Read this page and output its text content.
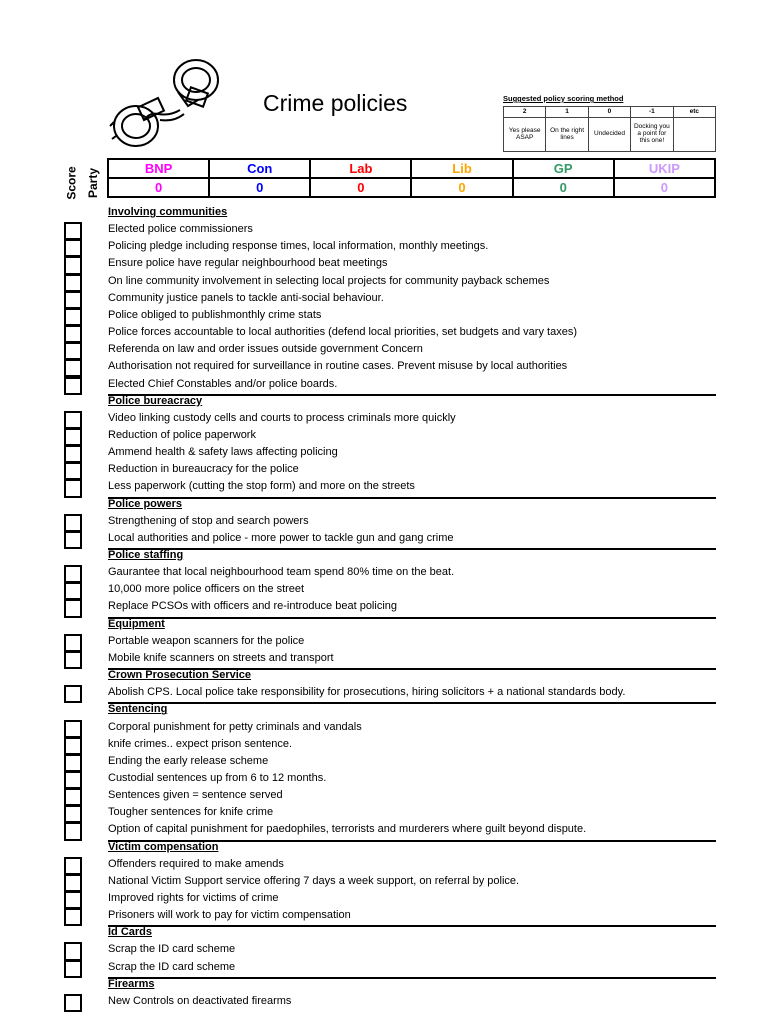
Crime policies	Suggested policy scoring method
2	1	0	-1	etc
Yes please ASAP	On the right lines	Undecided	Docking you a point for this one!	
Score Party	BNP	Con	Lab	Lib	GP	UKIP
0	0	0	0	0	0
Involving communities
Elected police commissioners
Policing pledge including response times, local information, monthly meetings.
Ensure police have regular neighbourhood beat meetings
On line community involvement in selecting local projects for community payback schemes
Community justice panels to tackle anti-social behaviour.
Police obliged to publishmonthly crime stats
Police forces accountable to local authorities (defend local priorities, set budgets and vary taxes)
Referenda on law and order issues outside government Concern
Authorisation not required for surveillance in routine cases. Prevent misuse by local authorities
Elected Chief Constables and/or police boards.
Police bureacracy
Video linking custody cells and courts to process criminals more quickly
Reduction of police paperwork
Ammend health & safety laws affecting policing
Reduction in bureaucracy for the police
Less paperwork (cutting the stop form) and more on the streets
Police powers
Strengthening of stop and search powers
Local authorities and police - more power to tackle gun and gang crime
Police staffing
Gaurantee that local neighbourhood team spend 80% time on the beat.
10,000 more police officers on the street
Replace PCSOs with officers and re-introduce beat policing
Equipment
Portable weapon scanners for the police
Mobile knife scanners on streets and transport
Crown Prosecution Service
Abolish CPS. Local police take responsibility for prosecutions, hiring solicitors + a national standards body.
Sentencing
Corporal punishment for petty criminals and vandals
knife crimes.. expect prison sentence.
Ending the early release scheme
Custodial sentences up from 6 to 12 months.
Sentences given = sentence served
Tougher sentences for knife crime
Option of capital punishment for paedophiles, terrorists and murderers where guilt beyond dispute.
Victim compensation
Offenders required to make amends
National Victim Support service offering 7 days a week support, on referral by police.
Improved rights for victims of crime
Prisoners will work to pay for victim compensation
Id Cards
Scrap the ID card scheme
Scrap the ID card scheme
Firearms
New Controls on deactivated firearms
